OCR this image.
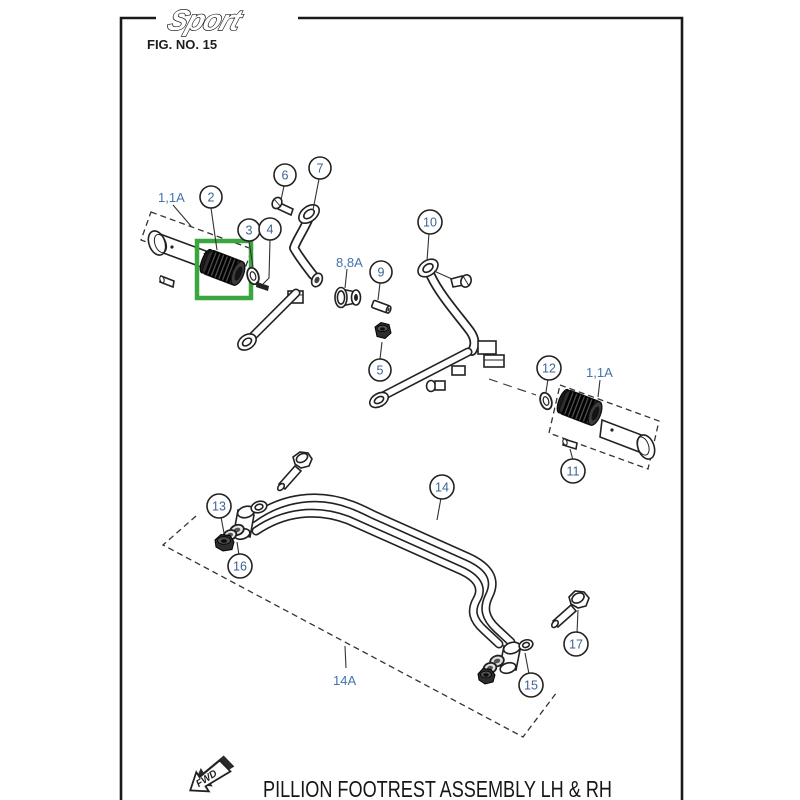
Sport
FIG. NO. 15
2
3 4
6 7
9
5
10
12
11
13
16
14
15
17
1,1A
8,8A
1,1A
14A
FWD PILLION FOOTREST ASSEMBLY LH & RH
